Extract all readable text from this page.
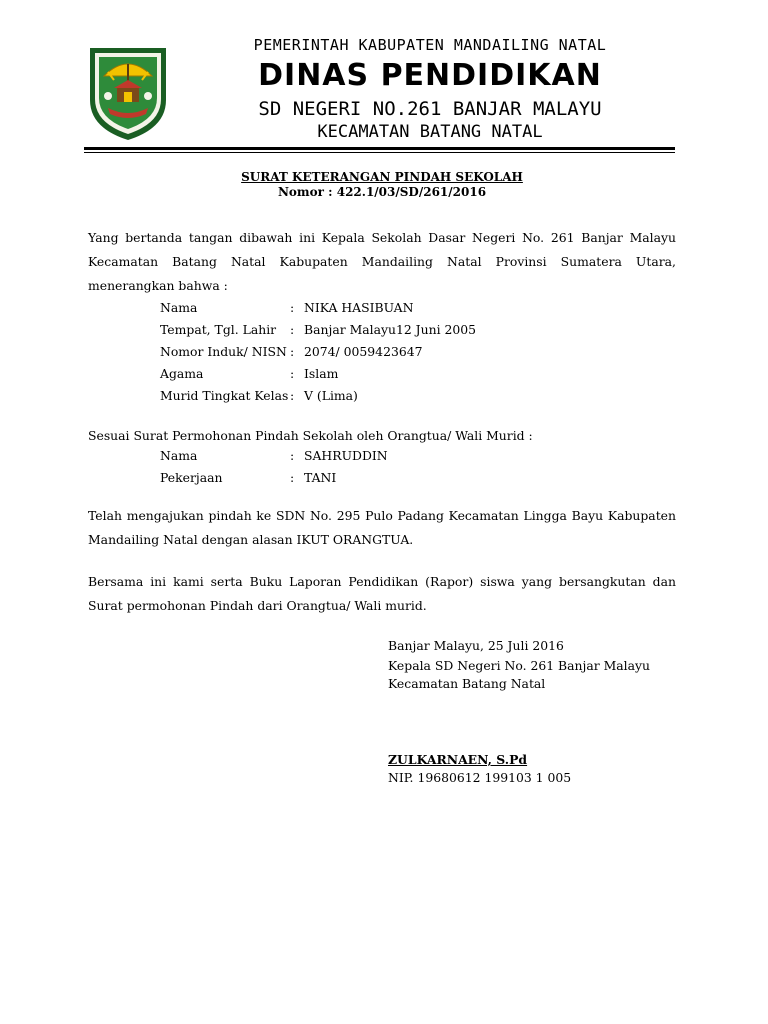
PEMERINTAH KABUPATEN MANDAILING NATAL
DINAS PENDIDIKAN
SD NEGERI NO.261 BANJAR MALAYU
KECAMATAN BATANG NATAL
SURAT KETERANGAN PINDAH SEKOLAH
Nomor : 422.1/03/SD/261/2016
Yang bertanda tangan dibawah ini Kepala Sekolah Dasar Negeri No. 261 Banjar Malayu Kecamatan Batang Natal Kabupaten Mandailing Natal Provinsi Sumatera Utara, menerangkan bahwa :
Nama	: NIKA HASIBUAN
Tempat, Tgl. Lahir	: Banjar Malayu12 Juni 2005
Nomor Induk/ NISN : 2074/ 0059423647
Agama	: Islam
Murid Tingkat Kelas : V (Lima)
Sesuai Surat Permohonan Pindah Sekolah oleh Orangtua/ Wali Murid :
Nama	: SAHRUDDIN
Pekerjaan	: TANI
Telah mengajukan pindah ke SDN No. 295 Pulo Padang Kecamatan Lingga Bayu Kabupaten Mandailing Natal dengan alasan IKUT ORANGTUA.
Bersama ini kami serta Buku Laporan Pendidikan (Rapor) siswa yang bersangkutan dan Surat permohonan Pindah dari Orangtua/ Wali murid.
Banjar Malayu, 25 Juli 2016
Kepala SD Negeri No. 261 Banjar Malayu
Kecamatan Batang Natal
ZULKARNAEN, S.Pd
NIP. 19680612 199103 1 005
